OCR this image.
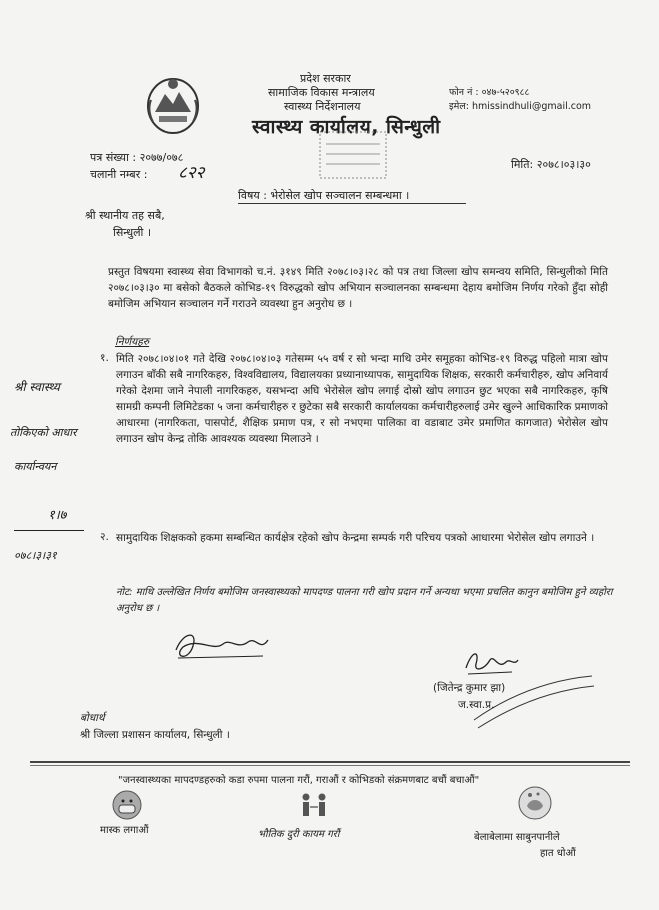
प्रदेश सरकार
सामाजिक विकास मन्त्रालय
स्वास्थ्य निर्देशनालय
स्वास्थ्य कार्यालय, सिन्धुली
फोन नं : ०४७-५२०९८८
इमेल: hmissindhuli@gmail.com
पत्र संख्या : २०७७/०७८
चलानी नम्बर : ८२२	मिति: २०७८।०३।३०
विषय : भेरोसेल खोप सञ्चालन सम्बन्धमा ।
श्री स्थानीय तह सबै,
सिन्धुली ।
प्रस्तुत विषयमा स्वास्थ्य सेवा विभागको च.नं. ३१४९ मिति २०७८।०३।२८ को पत्र तथा जिल्ला खोप समन्वय समिति, सिन्धुलीको मिति २०७८।०३।३० मा बसेको बैठकले कोभिड-१९ विरुद्धको खोप अभियान सञ्चालनका सम्बन्धमा देहाय बमोजिम निर्णय गरेको हुँदा सोही बमोजिम अभियान सञ्चालन गर्ने गराउने व्यवस्था हुन अनुरोध छ ।
निर्णयहरु
१. मिति २०७८।०४।०१ गते देखि २०७८।०४।०३ गतेसम्म ५५ वर्ष र सो भन्दा माथि उमेर समूहका कोभिड-१९ विरुद्ध पहिलो मात्रा खोप लगाउन बाँकी सबै नागरिकहरु, विश्वविद्यालय, विद्यालयका प्रध्यानाध्यापक, सामुदायिक शिक्षक, सरकारी कर्मचारीहरु, खोप अनिवार्य गरेको देशमा जाने नेपाली नागरिकहरु, यसभन्दा अघि भेरोसेल खोप लगाई दोस्रो खोप लगाउन छुट भएका सबै नागरिकहरु, कृषि सामग्री कम्पनी लिमिटेडका ५ जना कर्मचारीहरु र छुटेका सबै सरकारी कार्यालयका कर्मचारीहरुलाई उमेर खुल्ने आधिकारिक प्रमाणको आधारमा (नागरिकता, पासपोर्ट, शैक्षिक प्रमाण पत्र, र सो नभएमा पालिका वा वडाबाट उमेर प्रमाणित कागजात) भेरोसेल खोप लगाउन खोप केन्द्र तोकि आवश्यक व्यवस्था मिलाउने ।
२. सामुदायिक शिक्षकको हकमा सम्बन्धित कार्यक्षेत्र रहेको खोप केन्द्रमा सम्पर्क गरी परिचय पत्रको आधारमा भेरोसेल खोप लगाउने ।
नोट: माथि उल्लेखित निर्णय बमोजिम जनस्वास्थ्यको मापदण्ड पालना गरी खोप प्रदान गर्ने अन्यथा भएमा प्रचलित कानुन बमोजिम हुने व्यहोरा अनुरोध छ ।
श्री स्वास्थ्य
तोकिएको आधार
कार्यान्वयन
१।७
०७८।३।३१
(जितेन्द्र कुमार झा)
ज.स्वा.प्र.
बोधार्थ
श्री जिल्ला प्रशासन कार्यालय, सिन्धुली ।
"जनस्वास्थ्यका मापदण्डहरुको कडा रुपमा पालना गरौं, गराऔं र कोभिडको संक्रमणबाट बचौं बचाऔं"
मास्क लगाऔं	भौतिक दुरी कायम गरौं	बेलाबेलामा साबुनपानीले
हात धोऔं
